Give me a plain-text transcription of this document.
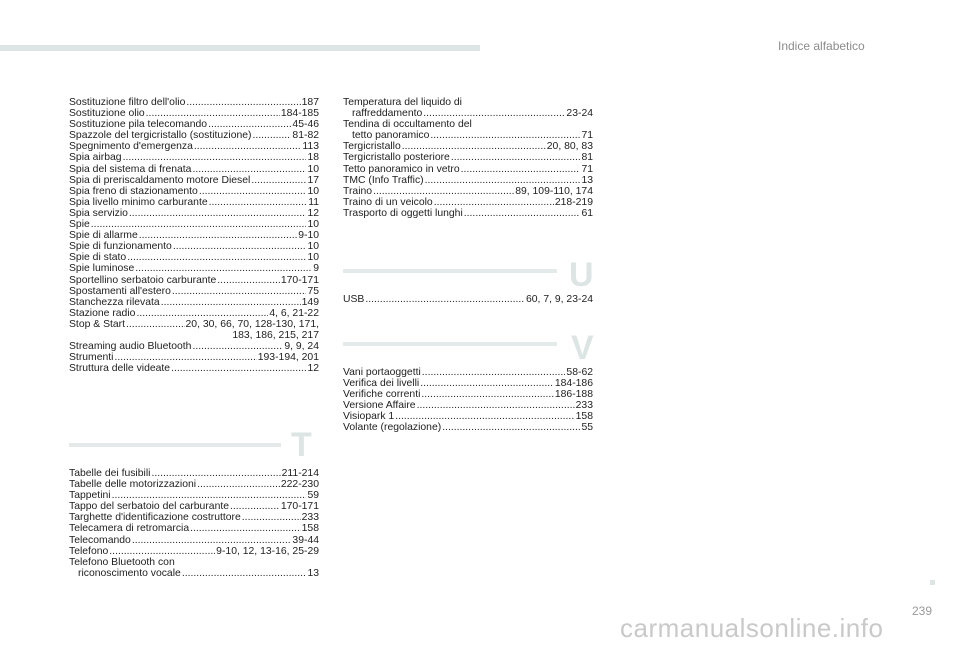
Indice alfabetico
Sostituzione filtro dell'olio .....	187
Sostituzione olio .....	184-185
Sostituzione pila telecomando .....	45-46
Spazzole del tergicristallo (sostituzione) .....	81-82
Spegnimento d'emergenza .....	113
Spia airbag .....	18
Spia del sistema di frenata .....	10
Spia di preriscaldamento motore Diesel .....	17
Spia freno di stazionamento .....	10
Spia livello minimo carburante .....	11
Spia servizio .....	12
Spie .....	10
Spie di allarme .....	9-10
Spie di funzionamento .....	10
Spie di stato .....	10
Spie luminose .....	9
Sportellino serbatoio carburante .....	170-171
Spostamenti all'estero .....	75
Stanchezza rilevata .....	149
Stazione radio .....	4, 6, 21-22
Stop & Start .....	20, 30, 66, 70, 128-130, 171,
183, 186, 215, 217
Streaming audio Bluetooth .....	9, 9, 24
Strumenti .....	193-194, 201
Struttura delle videate .....	12
T
Tabelle dei fusibili .....	211-214
Tabelle delle motorizzazioni .....	222-230
Tappetini .....	59
Tappo del serbatoio del carburante .....	170-171
Targhette d'identificazione costruttore .....	233
Telecamera di retromarcia .....	158
Telecomando .....	39-44
Telefono .....	9-10, 12, 13-16, 25-29
Telefono Bluetooth con
riconoscimento vocale .....	13
Temperatura del liquido di
raffreddamento .....	23-24
Tendina di occultamento del
tetto panoramico .....	71
Tergicristallo .....	20, 80, 83
Tergicristallo posteriore .....	81
Tetto panoramico in vetro .....	71
TMC (Info Traffic) .....	13
Traino .....	89, 109-110, 174
Traino di un veicolo .....	218-219
Trasporto di oggetti lunghi .....	61
U
USB .....	60, 7, 9, 23-24
V
Vani portaoggetti .....	58-62
Verifica dei livelli .....	184-186
Verifiche correnti .....	186-188
Versione Affaire .....	233
Visiopark 1 .....	158
Volante (regolazione) .....	55
239
carmanualsonline.info
